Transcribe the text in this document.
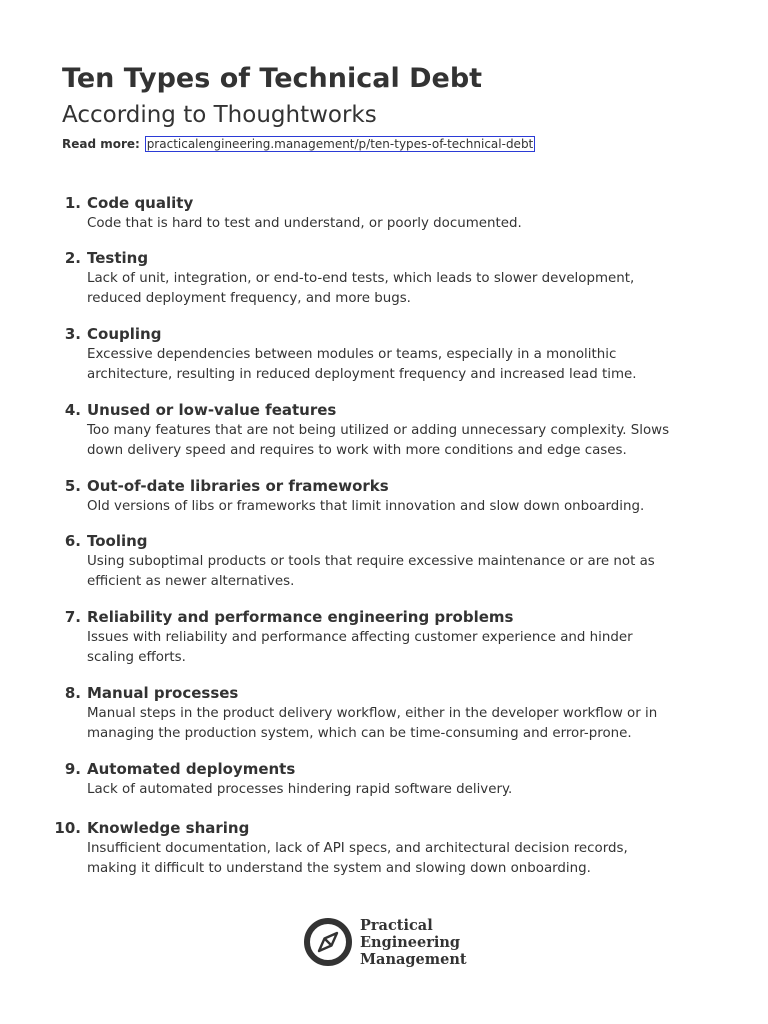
Ten Types of Technical Debt
According to Thoughtworks
Read more: practicalengineering.management/p/ten-types-of-technical-debt
1. Code quality
Code that is hard to test and understand, or poorly documented.
2. Testing
Lack of unit, integration, or end-to-end tests, which leads to slower development,
reduced deployment frequency, and more bugs.
3. Coupling
Excessive dependencies between modules or teams, especially in a monolithic
architecture, resulting in reduced deployment frequency and increased lead time.
4. Unused or low-value features
Too many features that are not being utilized or adding unnecessary complexity. Slows
down delivery speed and requires to work with more conditions and edge cases.
5. Out-of-date libraries or frameworks
Old versions of libs or frameworks that limit innovation and slow down onboarding.
6. Tooling
Using suboptimal products or tools that require excessive maintenance or are not as
efficient as newer alternatives.
7. Reliability and performance engineering problems
Issues with reliability and performance affecting customer experience and hinder
scaling efforts.
8. Manual processes
Manual steps in the product delivery workflow, either in the developer workflow or in
managing the production system, which can be time-consuming and error-prone.
9. Automated deployments
Lack of automated processes hindering rapid software delivery.
10. Knowledge sharing
Insufficient documentation, lack of API specs, and architectural decision records,
making it difficult to understand the system and slowing down onboarding.
Practical
Engineering
Management
